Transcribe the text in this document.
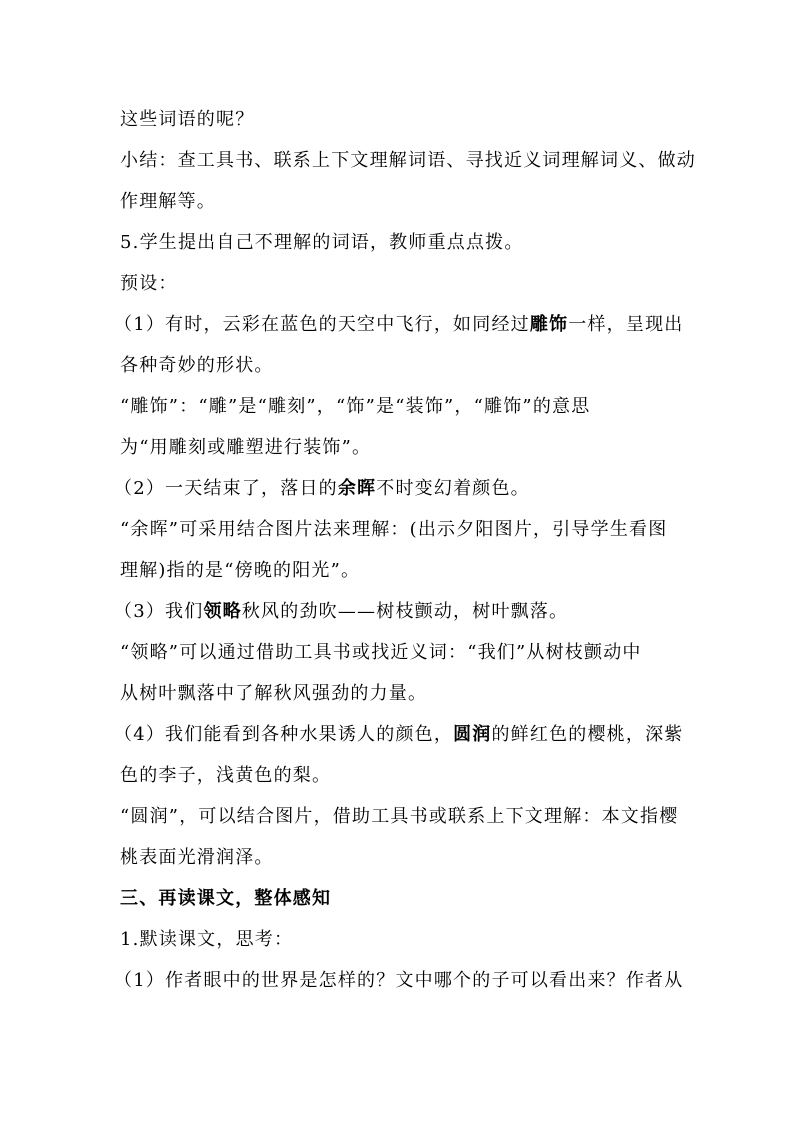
这些词语的呢？
小结：查工具书、联系上下文理解词语、寻找近义词理解词义、做动
作理解等。
5.学生提出自己不理解的词语，教师重点点拨。
预设：
（1）有时，云彩在蓝色的天空中飞行，如同经过雕饰一样，呈现出
各种奇妙的形状。
“雕饰”：“雕”是“雕刻”，“饰”是“装饰”，“雕饰”的意思
为“用雕刻或雕塑进行装饰”。
（2）一天结束了，落日的余晖不时变幻着颜色。
“余晖”可采用结合图片法来理解：(出示夕阳图片，引导学生看图
理解)指的是“傍晚的阳光”。
（3）我们领略秋风的劲吹——树枝颤动，树叶飘落。
“领略”可以通过借助工具书或找近义词：“我们”从树枝颤动中
从树叶飘落中了解秋风强劲的力量。
（4）我们能看到各种水果诱人的颜色，圆润的鲜红色的樱桃，深紫
色的李子，浅黄色的梨。
“圆润”，可以结合图片，借助工具书或联系上下文理解：本文指樱
桃表面光滑润泽。
三、再读课文，整体感知
1.默读课文，思考：
（1）作者眼中的世界是怎样的？文中哪个的子可以看出来？作者从
